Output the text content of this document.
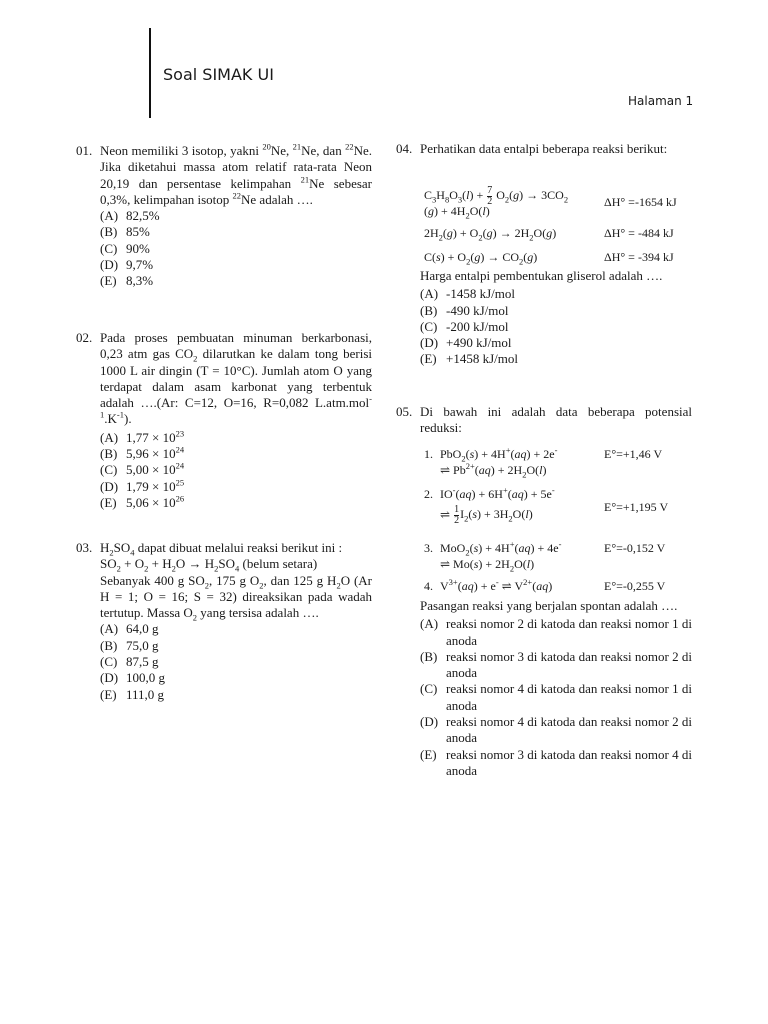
Soal SIMAK UI
Halaman 1
01. Neon memiliki 3 isotop, yakni $^{20}$Ne, $^{21}$Ne, dan $^{22}$Ne. Jika diketahui massa atom relatif rata-rata Neon 20,19 dan persentase kelimpahan $^{21}$Ne sebesar 0,3%, kelimpahan isotop $^{22}$Ne adalah ….
(A) 82,5%
(B) 85%
(C) 90%
(D) 9,7%
(E) 8,3%
02. Pada proses pembuatan minuman berkarbonasi, 0,23 atm gas $CO_2$ dilarutkan ke dalam tong berisi 1000 L air dingin (T = 10°C). Jumlah atom O yang terdapat dalam asam karbonat yang terbentuk adalah ….(Ar: C=12, O=16, R=0,082 $L.atm.mol^{-1}.K^{-1}$).
(A) $1,77 \times 10^{23}$
(B) $5,96 \times 10^{24}$
(C) $5,00 \times 10^{24}$
(D) $1,79 \times 10^{25}$
(E) $5,06 \times 10^{26}$
03. $H_2SO_4$ dapat dibuat melalui reaksi berikut ini :
$SO_2 + O_2 + H_2O \to H_2SO_4$ (belum setara)
Sebanyak 400 g $SO_2$, 175 g $O_2$, dan 125 g $H_2O$ (Ar H = 1; O = 16; S = 32) direaksikan pada wadah tertutup. Massa $O_2$ yang tersisa adalah ….
(A) 64,0 g
(B) 75,0 g
(C) 87,5 g
(D) 100,0 g
(E) 111,0 g
04. Perhatikan data entalpi beberapa reaksi berikut:
$C_3H_8O_3(l) + \frac{7}{2} O_2(g) \to 3CO_2$
$(g) + 4H_2O(l)$
ΔH° =-1654 kJ
$2H_2(g) + O_2(g) \to 2H_2O(g)$	ΔH° = -484 kJ
$C(s) + O_2(g) \to CO_2(g)$	ΔH° = -394 kJ
Harga entalpi pembentukan gliserol adalah ….
(A) -1458 kJ/mol
(B) -490 kJ/mol
(C) -200 kJ/mol
(D) +490 kJ/mol
(E) +1458 kJ/mol
05. Di bawah ini adalah data beberapa potensial reduksi:
1. PbO$_2$(s) + 4H+(aq) + 2e-
⇌ $Pb^{2+}(aq) + 2H_2O(l)$
E°=+1,46 V
2. IO-(aq) + 6H+(aq) + 5e-
⇌ $\frac{1}{2} I_2(s) + 3H_2O(l)$
E°=+1,195 V
3. MoO$_2$(s) + 4H+(aq) + 4e-
⇌ $Mo(s) + 2H_2O(l)$
E°=-0,152 V
4. $V^{3+}(aq) + e^-$ ⇌ $V^{2+}(aq)$	E°=-0,255 V
Pasangan reaksi yang berjalan spontan adalah ….
(A) reaksi nomor 2 di katoda dan reaksi nomor 1 di anoda
(B) reaksi nomor 3 di katoda dan reaksi nomor 2 di anoda
(C) reaksi nomor 4 di katoda dan reaksi nomor 1 di anoda
(D) reaksi nomor 4 di katoda dan reaksi nomor 2 di anoda
(E) reaksi nomor 3 di katoda dan reaksi nomor 4 di anoda
